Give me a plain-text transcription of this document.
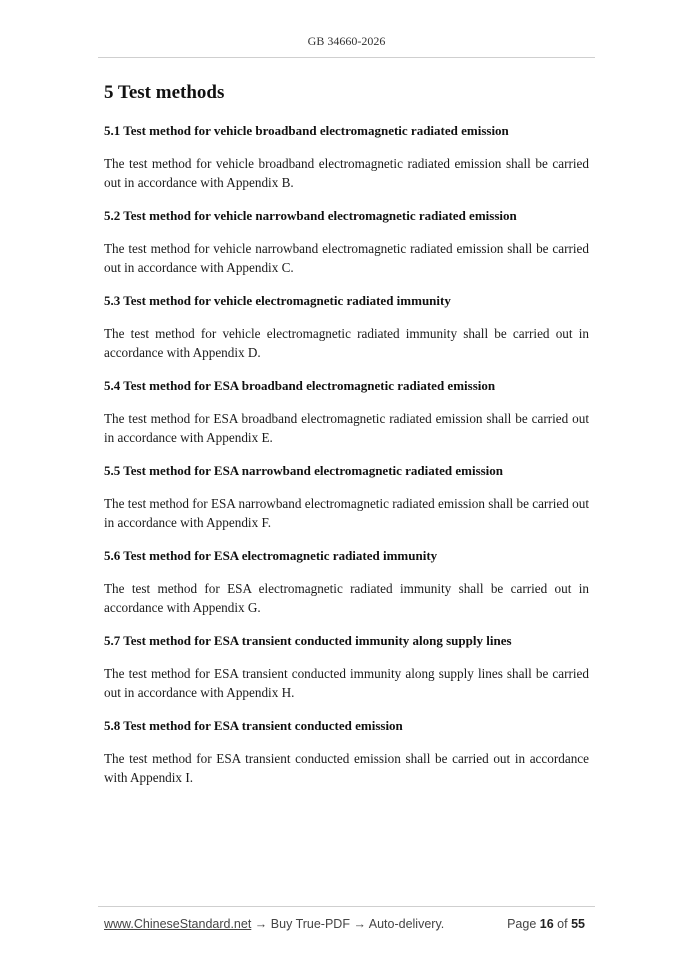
GB 34660-2026
5 Test methods
5.1 Test method for vehicle broadband electromagnetic radiated emission
The test method for vehicle broadband electromagnetic radiated emission shall be carried out in accordance with Appendix B.
5.2 Test method for vehicle narrowband electromagnetic radiated emission
The test method for vehicle narrowband electromagnetic radiated emission shall be carried out in accordance with Appendix C.
5.3 Test method for vehicle electromagnetic radiated immunity
The test method for vehicle electromagnetic radiated immunity shall be carried out in accordance with Appendix D.
5.4 Test method for ESA broadband electromagnetic radiated emission
The test method for ESA broadband electromagnetic radiated emission shall be carried out in accordance with Appendix E.
5.5 Test method for ESA narrowband electromagnetic radiated emission
The test method for ESA narrowband electromagnetic radiated emission shall be carried out in accordance with Appendix F.
5.6 Test method for ESA electromagnetic radiated immunity
The test method for ESA electromagnetic radiated immunity shall be carried out in accordance with Appendix G.
5.7 Test method for ESA transient conducted immunity along supply lines
The test method for ESA transient conducted immunity along supply lines shall be carried out in accordance with Appendix H.
5.8 Test method for ESA transient conducted emission
The test method for ESA transient conducted emission shall be carried out in accordance with Appendix I.
www.ChineseStandard.net → Buy True-PDF → Auto-delivery.	Page 16 of 55
